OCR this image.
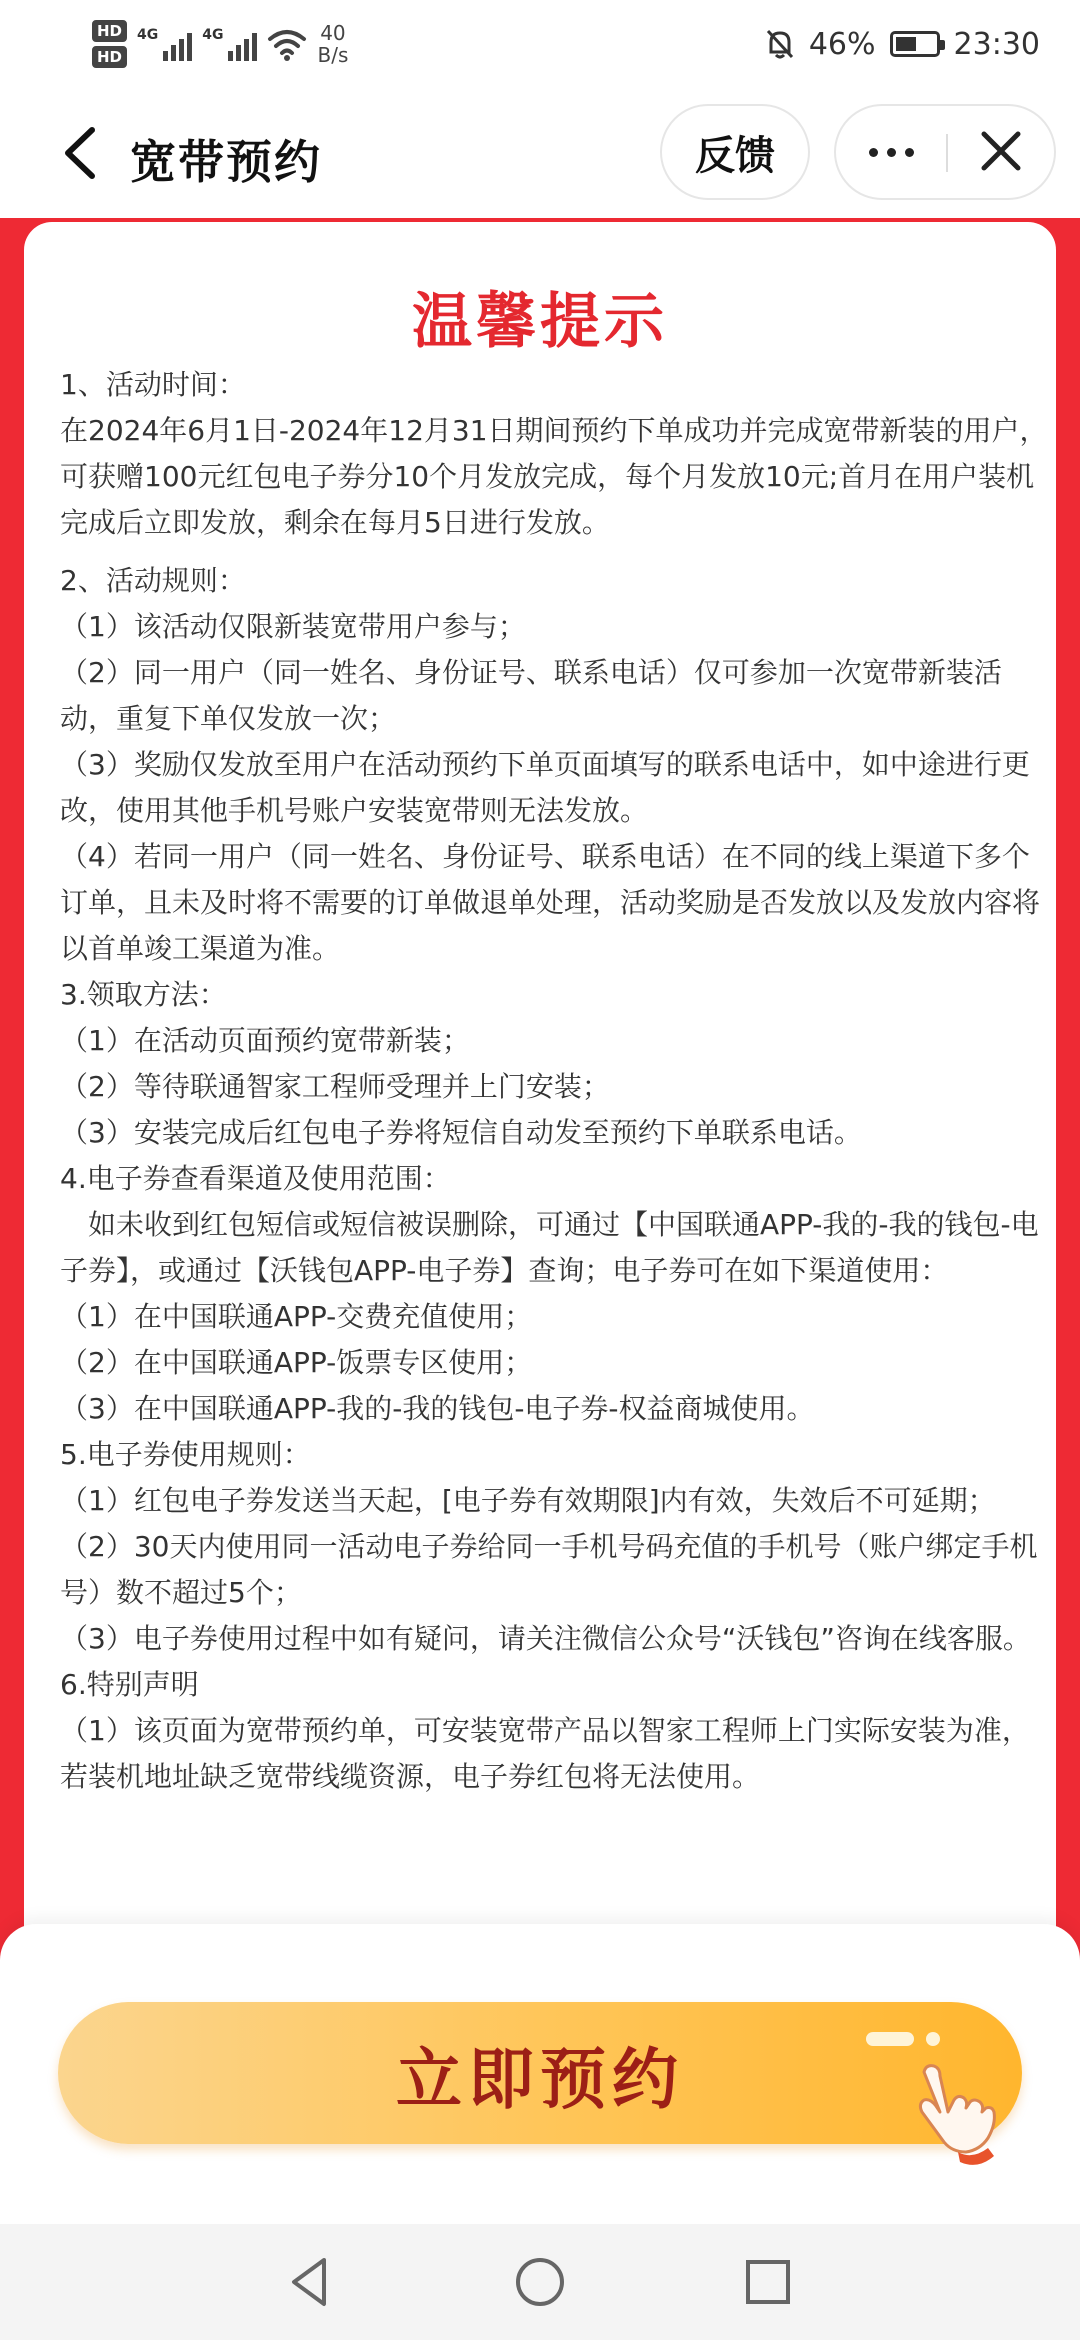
HD
HD
4G	4G	40
B/s	46%	23:30
宽带预约	反馈
温馨提示

1、活动时间：

在2024年6月1日-2024年12月31日期间预约下单成功并完成宽带新装的用户，可获赠100元红包电子券分10个月发放完成，每个月发放10元;首月在用户装机完成后立即发放，剩余在每月5日进行发放。

2、活动规则：

（1）该活动仅限新装宽带用户参与；

（2）同一用户（同一姓名、身份证号、联系电话）仅可参加一次宽带新装活动，重复下单仅发放一次；

（3）奖励仅发放至用户在活动预约下单页面填写的联系电话中，如中途进行更改，使用其他手机号账户安装宽带则无法发放。

（4）若同一用户（同一姓名、身份证号、联系电话）在不同的线上渠道下多个订单，且未及时将不需要的订单做退单处理，活动奖励是否发放以及发放内容将以首单竣工渠道为准。

3.领取方法：

（1）在活动页面预约宽带新装；

（2）等待联通智家工程师受理并上门安装；

（3）安装完成后红包电子券将短信自动发至预约下单联系电话。

4.电子券查看渠道及使用范围：

　如未收到红包短信或短信被误删除，可通过【中国联通APP-我的-我的钱包-电子券】，或通过【沃钱包APP-电子券】查询；电子券可在如下渠道使用：

（1）在中国联通APP-交费充值使用；

（2）在中国联通APP-饭票专区使用；

（3）在中国联通APP-我的-我的钱包-电子券-权益商城使用。

5.电子券使用规则：

（1）红包电子券发送当天起，[电子券有效期限]内有效，失效后不可延期；

（2）30天内使用同一活动电子券给同一手机号码充值的手机号（账户绑定手机号）数不超过5个；

（3）电子券使用过程中如有疑问，请关注微信公众号“沃钱包”咨询在线客服。

6.特别声明

（1）该页面为宽带预约单，可安装宽带产品以智家工程师上门实际安装为准，若装机地址缺乏宽带线缆资源，电子券红包将无法使用。

立即预约
